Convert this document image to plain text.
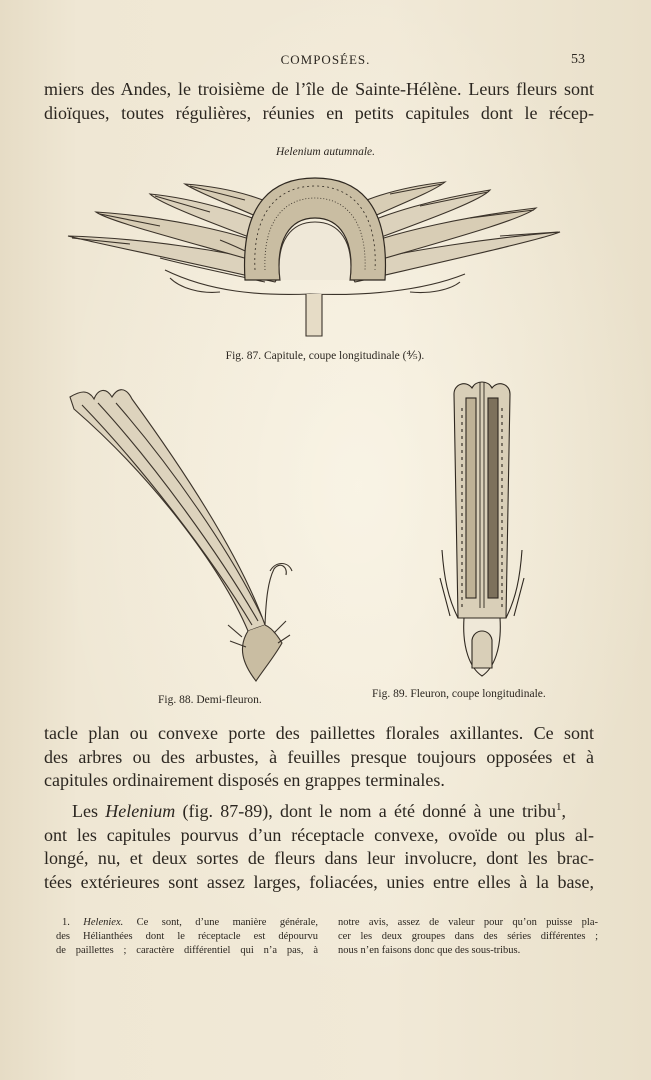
COMPOSÉES.	53
miers des Andes, le troisième de l’île de Sainte-Hélène. Leurs fleurs sont
dioïques, toutes régulières, réunies en petits capitules dont le récep-
Helenium autumnale.
Fig. 87. Capitule, coupe longitudinale (⅘).
Fig. 88. Demi-fleuron.	Fig. 89. Fleuron, coupe longitudinale.
tacle plan ou convexe porte des paillettes florales axillantes. Ce sont
des arbres ou des arbustes, à feuilles presque toujours opposées et à
capitules ordinairement disposés en grappes terminales.
Les Helenium (fig. 87-89), dont le nom a été donné à une tribu$^1$,
ont les capitules pourvus d’un réceptacle convexe, ovoïde ou plus al-
longé, nu, et deux sortes de fleurs dans leur involucre, dont les brac-
tées extérieures sont assez larges, foliacées, unies entre elles à la base,
1. Heleniex. Ce sont, d’une manière générale,
des Hélianthées dont le réceptacle est dépourvu
de paillettes ; caractère différentiel qui n’a pas, à
notre avis, assez de valeur pour qu’on puisse pla-
cer les deux groupes dans des séries différentes ;
nous n’en faisons donc que des sous-tribus.
